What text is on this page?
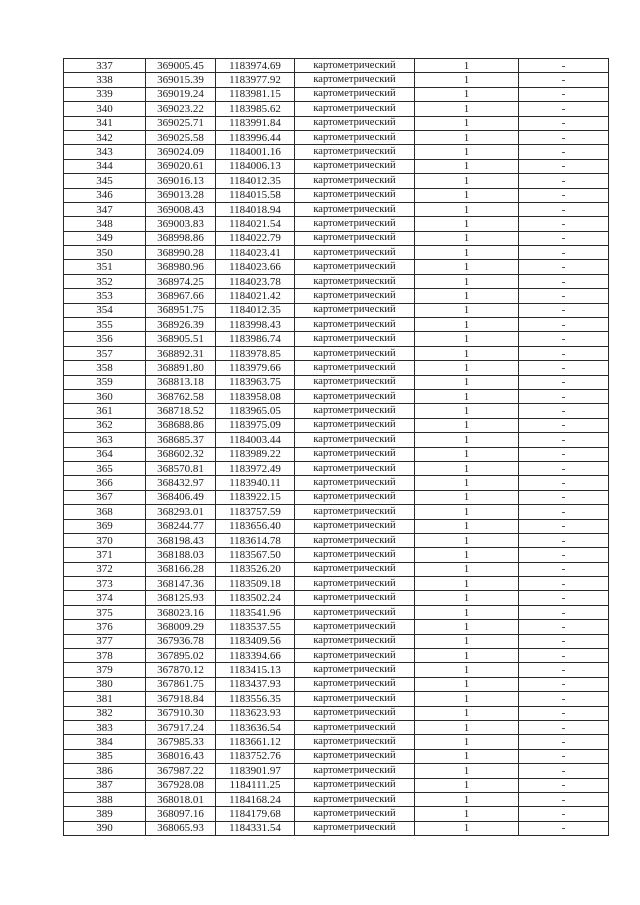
337	369005.45	1183974.69	картометрический	1	-
338	369015.39	1183977.92	картометрический	1	-
339	369019.24	1183981.15	картометрический	1	-
340	369023.22	1183985.62	картометрический	1	-
341	369025.71	1183991.84	картометрический	1	-
342	369025.58	1183996.44	картометрический	1	-
343	369024.09	1184001.16	картометрический	1	-
344	369020.61	1184006.13	картометрический	1	-
345	369016.13	1184012.35	картометрический	1	-
346	369013.28	1184015.58	картометрический	1	-
347	369008.43	1184018.94	картометрический	1	-
348	369003.83	1184021.54	картометрический	1	-
349	368998.86	1184022.79	картометрический	1	-
350	368990.28	1184023.41	картометрический	1	-
351	368980.96	1184023.66	картометрический	1	-
352	368974.25	1184023.78	картометрический	1	-
353	368967.66	1184021.42	картометрический	1	-
354	368951.75	1184012.35	картометрический	1	-
355	368926.39	1183998.43	картометрический	1	-
356	368905.51	1183986.74	картометрический	1	-
357	368892.31	1183978.85	картометрический	1	-
358	368891.80	1183979.66	картометрический	1	-
359	368813.18	1183963.75	картометрический	1	-
360	368762.58	1183958.08	картометрический	1	-
361	368718.52	1183965.05	картометрический	1	-
362	368688.86	1183975.09	картометрический	1	-
363	368685.37	1184003.44	картометрический	1	-
364	368602.32	1183989.22	картометрический	1	-
365	368570.81	1183972.49	картометрический	1	-
366	368432.97	1183940.11	картометрический	1	-
367	368406.49	1183922.15	картометрический	1	-
368	368293.01	1183757.59	картометрический	1	-
369	368244.77	1183656.40	картометрический	1	-
370	368198.43	1183614.78	картометрический	1	-
371	368188.03	1183567.50	картометрический	1	-
372	368166.28	1183526.20	картометрический	1	-
373	368147.36	1183509.18	картометрический	1	-
374	368125.93	1183502.24	картометрический	1	-
375	368023.16	1183541.96	картометрический	1	-
376	368009.29	1183537.55	картометрический	1	-
377	367936.78	1183409.56	картометрический	1	-
378	367895.02	1183394.66	картометрический	1	-
379	367870.12	1183415.13	картометрический	1	-
380	367861.75	1183437.93	картометрический	1	-
381	367918.84	1183556.35	картометрический	1	-
382	367910.30	1183623.93	картометрический	1	-
383	367917.24	1183636.54	картометрический	1	-
384	367985.33	1183661.12	картометрический	1	-
385	368016.43	1183752.76	картометрический	1	-
386	367987.22	1183901.97	картометрический	1	-
387	367928.08	1184111.25	картометрический	1	-
388	368018.01	1184168.24	картометрический	1	-
389	368097.16	1184179.68	картометрический	1	-
390	368065.93	1184331.54	картометрический	1	-
